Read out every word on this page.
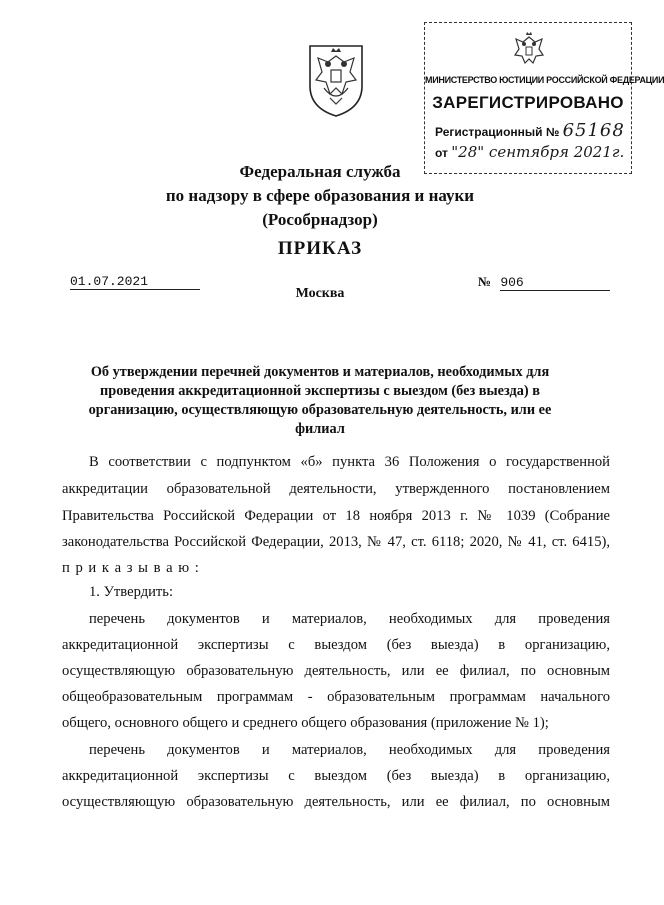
МИНИСТЕРСТВО ЮСТИЦИИ РОССИЙСКОЙ ФЕДЕРАЦИИ
ЗАРЕГИСТРИРОВАНО
Регистрационный № 65168
от "28" сентября 2021г.
Федеральная служба
по надзору в сфере образования и науки
(Рособрнадзор)
ПРИКАЗ
01.07.2021	№ 906
Москва
Об утверждении перечней документов и материалов, необходимых для
проведения аккредитационной экспертизы с выездом (без выезда) в
организацию, осуществляющую образовательную деятельность, или ее филиал
В соответствии с подпунктом «б» пункта 36 Положения о государственной
аккредитации образовательной деятельности, утвержденного постановлением
Правительства Российской Федерации от 18 ноября 2013 г. № 1039 (Собрание
законодательства Российской Федерации, 2013, № 47, ст. 6118; 2020, № 41, ст. 6415),
п р и к а з ы в а ю :
1. Утвердить:
перечень документов и материалов, необходимых для проведения
аккредитационной экспертизы с выездом (без выезда) в организацию,
осуществляющую образовательную деятельность, или ее филиал, по основным
общеобразовательным программам - образовательным программам начального
общего, основного общего и среднего общего образования (приложение № 1);
перечень документов и материалов, необходимых для проведения
аккредитационной экспертизы с выездом (без выезда) в организацию,
осуществляющую образовательную деятельность, или ее филиал, по основным
